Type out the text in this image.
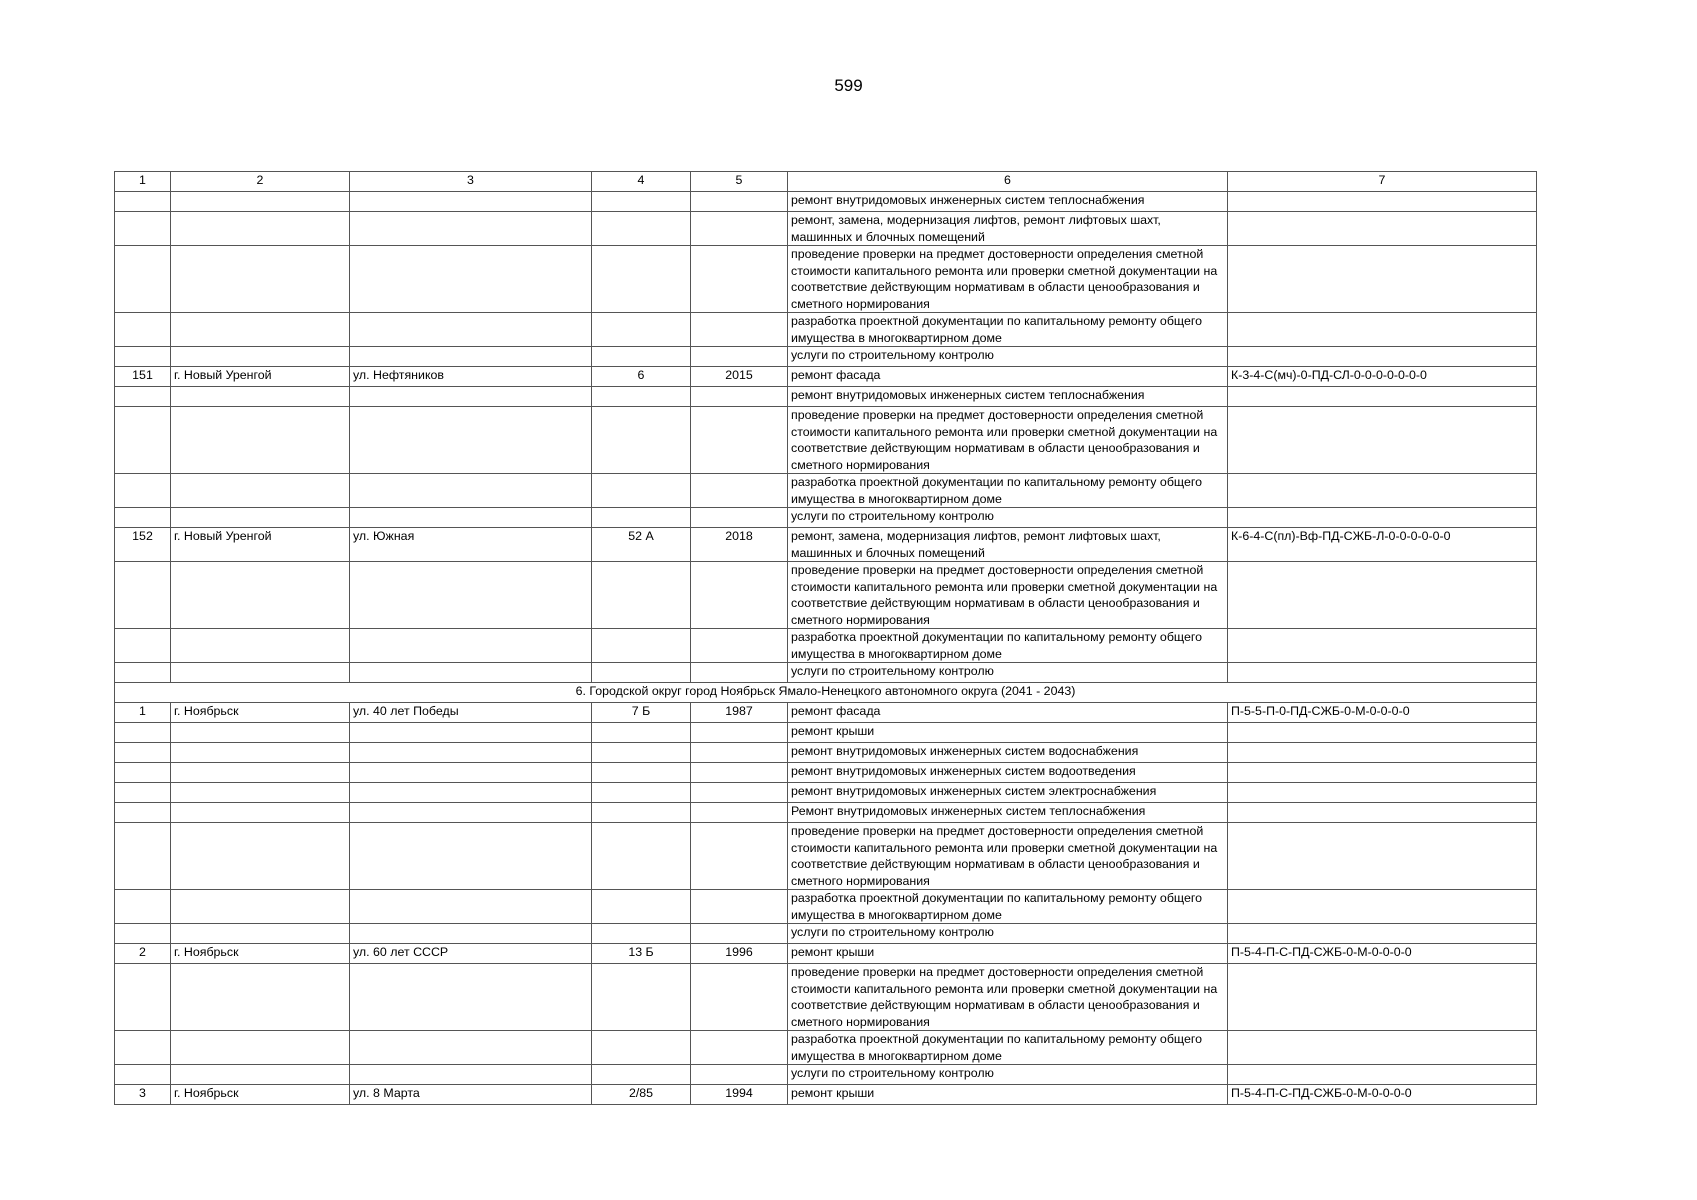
599
1	2	3	4	5	6	7
					ремонт внутридомовых инженерных систем теплоснабжения	
					ремонт, замена, модернизация лифтов, ремонт лифтовых шахт, машинных и блочных помещений	
					проведение проверки на предмет достоверности определения сметной стоимости капитального ремонта или проверки сметной документации на соответствие действующим нормативам в области ценообразования и сметного нормирования	
					разработка проектной документации по капитальному ремонту общего имущества в многоквартирном доме	
					услуги по строительному контролю	
151	г. Новый Уренгой	ул. Нефтяников	6	2015	ремонт фасада	К-3-4-С(мч)-0-ПД-СЛ-0-0-0-0-0-0-0
					ремонт внутридомовых инженерных систем теплоснабжения	
					проведение проверки на предмет достоверности определения сметной стоимости капитального ремонта или проверки сметной документации на соответствие действующим нормативам в области ценообразования и сметного нормирования	
					разработка проектной документации по капитальному ремонту общего имущества в многоквартирном доме	
					услуги по строительному контролю	
152	г. Новый Уренгой	ул. Южная	52 А	2018	ремонт, замена, модернизация лифтов, ремонт лифтовых шахт, машинных и блочных помещений	К-6-4-С(пл)-Вф-ПД-СЖБ-Л-0-0-0-0-0-0
					проведение проверки на предмет достоверности определения сметной стоимости капитального ремонта или проверки сметной документации на соответствие действующим нормативам в области ценообразования и сметного нормирования	
					разработка проектной документации по капитальному ремонту общего имущества в многоквартирном доме	
					услуги по строительному контролю	
6. Городской округ город Ноябрьск Ямало-Ненецкого автономного округа (2041 - 2043)						
1	г. Ноябрьск	ул. 40 лет Победы	7 Б	1987	ремонт фасада	П-5-5-П-0-ПД-СЖБ-0-М-0-0-0-0
					ремонт крыши	
					ремонт внутридомовых инженерных систем водоснабжения	
					ремонт внутридомовых инженерных систем водоотведения	
					ремонт внутридомовых инженерных систем электроснабжения	
					Ремонт внутридомовых инженерных систем теплоснабжения	
					проведение проверки на предмет достоверности определения сметной стоимости капитального ремонта или проверки сметной документации на соответствие действующим нормативам в области ценообразования и сметного нормирования	
					разработка проектной документации по капитальному ремонту общего имущества в многоквартирном доме	
					услуги по строительному контролю	
2	г. Ноябрьск	ул. 60 лет СССР	13 Б	1996	ремонт крыши	П-5-4-П-С-ПД-СЖБ-0-М-0-0-0-0
					проведение проверки на предмет достоверности определения сметной стоимости капитального ремонта или проверки сметной документации на соответствие действующим нормативам в области ценообразования и сметного нормирования	
					разработка проектной документации по капитальному ремонту общего имущества в многоквартирном доме	
					услуги по строительному контролю	
3	г. Ноябрьск	ул. 8 Марта	2/85	1994	ремонт крыши	П-5-4-П-С-ПД-СЖБ-0-М-0-0-0-0
